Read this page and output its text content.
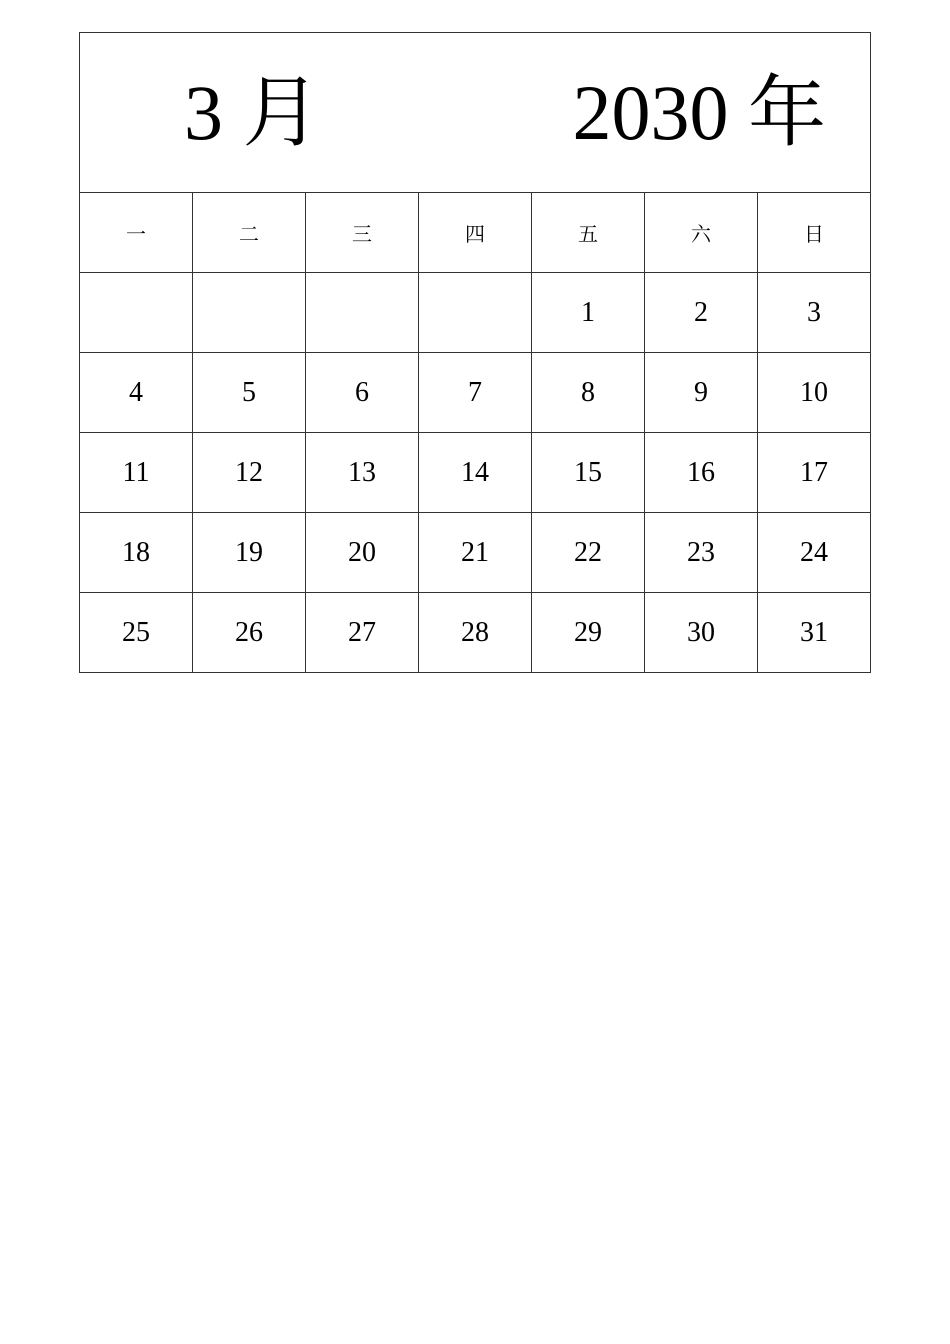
3 月 2030 年						

一	二	三	四	五	六	日
				1	2	3
4	5	6	7	8	9	10
11	12	13	14	15	16	17
18	19	20	21	22	23	24
25	26	27	28	29	30	31
